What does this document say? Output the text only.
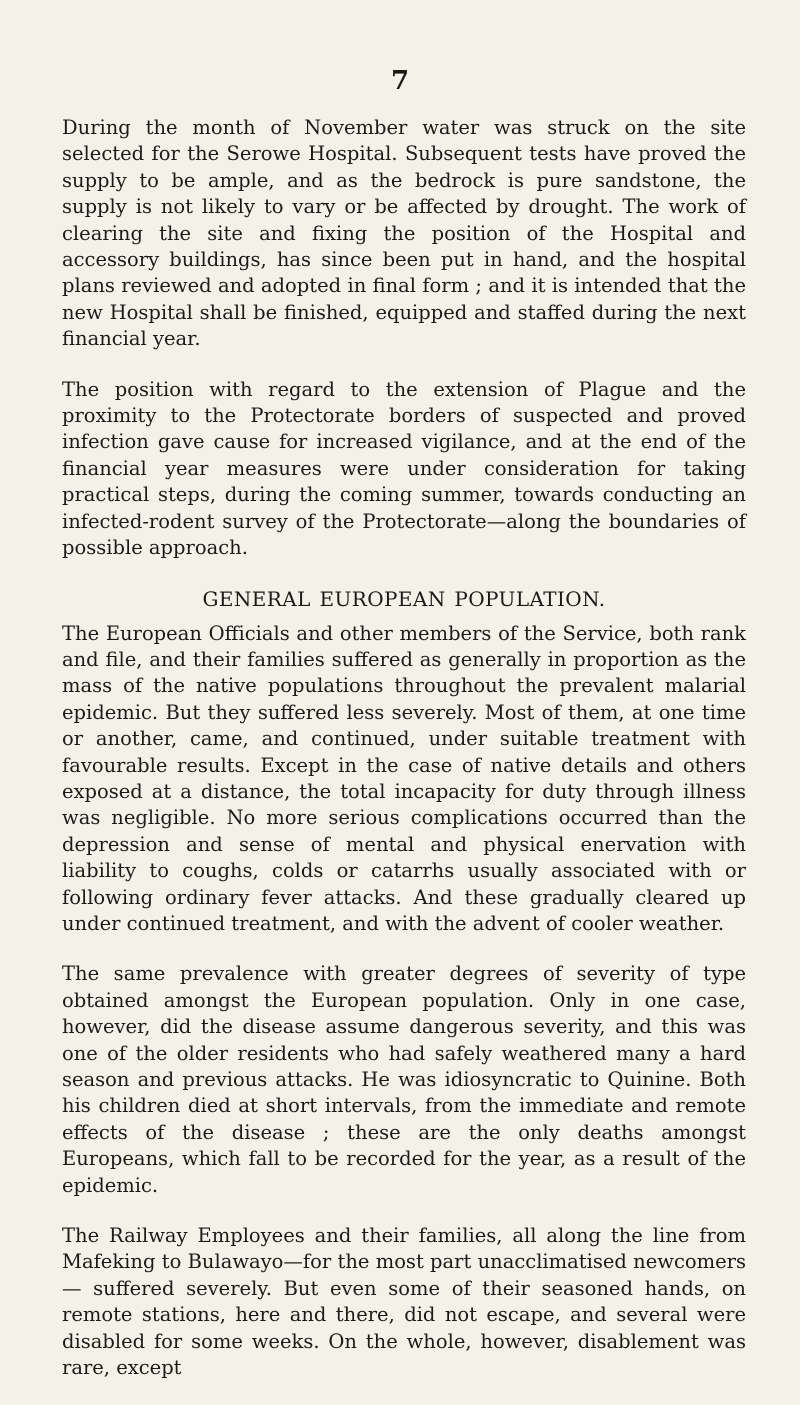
7

During the month of November water was struck on the site selected for the Serowe Hospital. Subsequent tests have proved the supply to be ample, and as the bedrock is pure sandstone, the supply is not likely to vary or be affected by drought. The work of clearing the site and fixing the position of the Hospital and accessory buildings, has since been put in hand, and the hospital plans reviewed and adopted in final form ; and it is intended that the new Hospital shall be finished, equipped and staffed during the next financial year.

The position with regard to the extension of Plague and the proximity to the Protectorate borders of suspected and proved infection gave cause for increased vigilance, and at the end of the financial year measures were under consideration for taking practical steps, during the coming summer, towards conducting an infected-rodent survey of the Protectorate—along the boundaries of possible approach.

GENERAL EUROPEAN POPULATION.

The European Officials and other members of the Service, both rank and file, and their families suffered as generally in proportion as the mass of the native populations throughout the prevalent malarial epidemic. But they suffered less severely. Most of them, at one time or another, came, and continued, under suitable treatment with favourable results. Except in the case of native details and others exposed at a distance, the total incapacity for duty through illness was negligible. No more serious complications occurred than the depression and sense of mental and physical enervation with liability to coughs, colds or catarrhs usually associated with or following ordinary fever attacks. And these gradually cleared up under continued treatment, and with the advent of cooler weather.

The same prevalence with greater degrees of severity of type obtained amongst the European population. Only in one case, however, did the disease assume dangerous severity, and this was one of the older residents who had safely weathered many a hard season and previous attacks. He was idiosyncratic to Quinine. Both his children died at short intervals, from the immediate and remote effects of the disease ; these are the only deaths amongst Europeans, which fall to be recorded for the year, as a result of the epidemic.

The Railway Employees and their families, all along the line from Mafeking to Bulawayo—for the most part unacclimatised newcomers— suffered severely. But even some of their seasoned hands, on remote stations, here and there, did not escape, and several were disabled for some weeks. On the whole, however, disablement was rare, except
